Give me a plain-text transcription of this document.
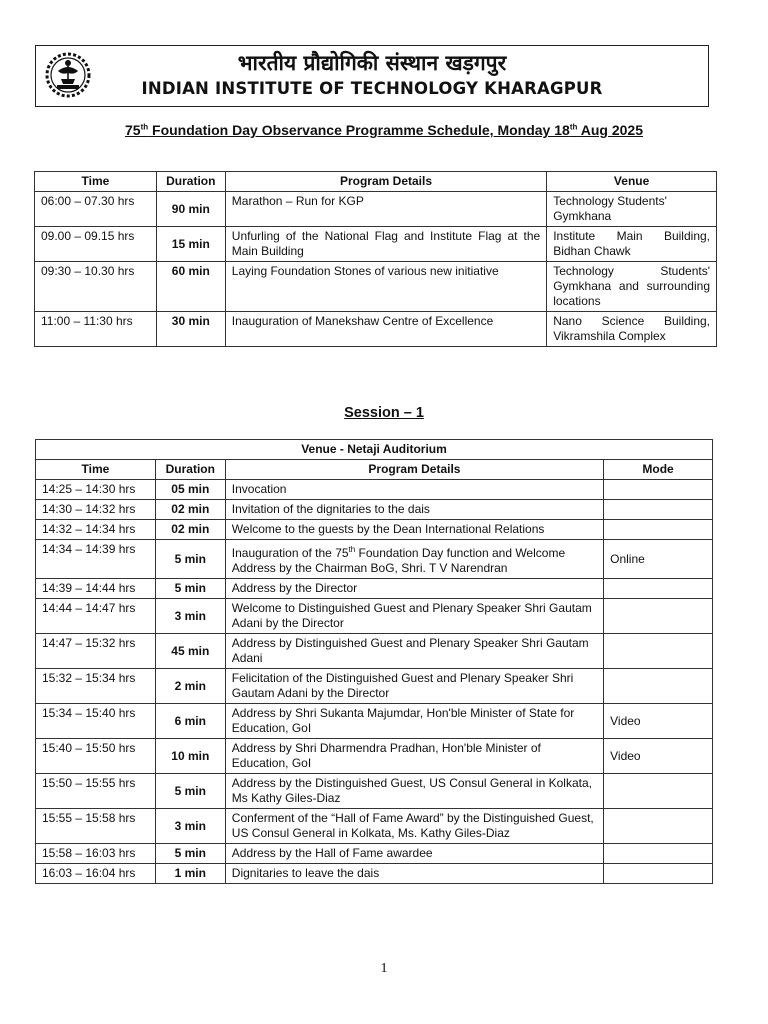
भारतीय प्रौद्योगिकी संस्थान खड़गपुर
INDIAN INSTITUTE OF TECHNOLOGY KHARAGPUR
75th Foundation Day Observance Programme Schedule, Monday 18th Aug 2025
Time	Duration	Program Details	Venue
06:00 – 07.30 hrs	90 min	Marathon – Run for KGP	Technology Students' Gymkhana
09.00 – 09.15 hrs	15 min	Unfurling of the National Flag and Institute Flag at the Main Building	Institute Main Building, Bidhan Chawk
09:30 – 10.30 hrs	60 min	Laying Foundation Stones of various new initiative	Technology Students' Gymkhana and surrounding locations
11:00 – 11:30 hrs	30 min	Inauguration of Manekshaw Centre of Excellence	Nano Science Building, Vikramshila Complex
Session – 1
Venue - Netaji Auditorium			
Time	Duration	Program Details	Mode
14:25 – 14:30 hrs	05 min	Invocation	
14:30 – 14:32 hrs	02 min	Invitation of the dignitaries to the dais	
14:32 – 14:34 hrs	02 min	Welcome to the guests by the Dean International Relations	
14:34 – 14:39 hrs	5 min	Inauguration of the 75th Foundation Day function and Welcome Address by the Chairman BoG, Shri. T V Narendran	Online
14:39 – 14:44 hrs	5 min	Address by the Director	
14:44 – 14:47 hrs	3 min	Welcome to Distinguished Guest and Plenary Speaker Shri Gautam Adani by the Director	
14:47 – 15:32 hrs	45 min	Address by Distinguished Guest and Plenary Speaker Shri Gautam Adani	
15:32 – 15:34 hrs	2 min	Felicitation of the Distinguished Guest and Plenary Speaker Shri Gautam Adani by the Director	
15:34 – 15:40 hrs	6 min	Address by Shri Sukanta Majumdar, Hon'ble Minister of State for Education, GoI	Video
15:40 – 15:50 hrs	10 min	Address by Shri Dharmendra Pradhan, Hon'ble Minister of Education, GoI	Video
15:50 – 15:55 hrs	5 min	Address by the Distinguished Guest, US Consul General in Kolkata, Ms Kathy Giles-Diaz	
15:55 – 15:58 hrs	3 min	Conferment of the “Hall of Fame Award” by the Distinguished Guest, US Consul General in Kolkata, Ms. Kathy Giles-Diaz	
15:58 – 16:03 hrs	5 min	Address by the Hall of Fame awardee	
16:03 – 16:04 hrs	1 min	Dignitaries to leave the dais	
1
